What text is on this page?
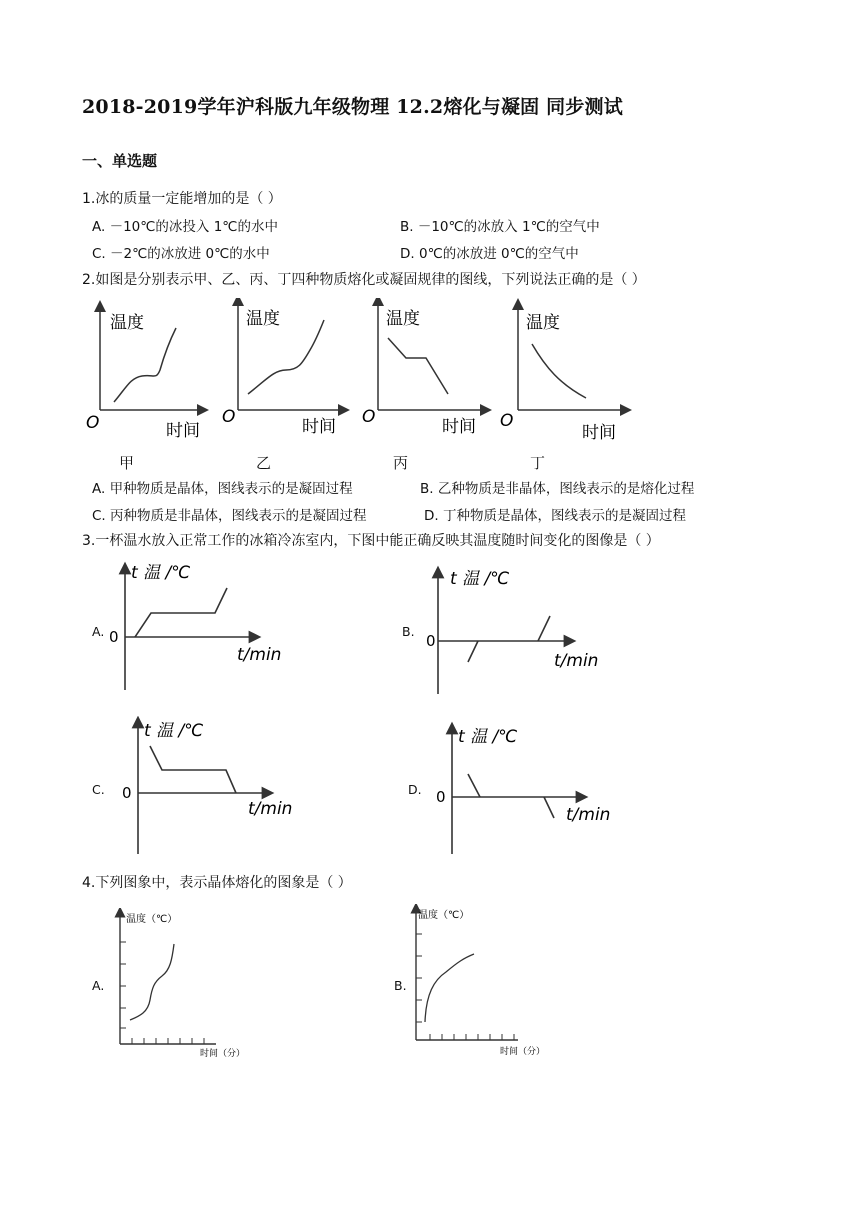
2018-2019学年沪科版九年级物理 12.2熔化与凝固 同步测试
一、单选题
1.冰的质量一定能增加的是（ ）
A. －10℃的冰投入 1℃的水中	B. －10℃的冰放入 1℃的空气中
C. －2℃的冰放进 0℃的水中	D. 0℃的冰放进 0℃的空气中
2.如图是分别表示甲、乙、丙、丁四种物质熔化或凝固规律的图线，下列说法正确的是（ ）
温度
时间
O
温度
时间
O
温度
时间
O
温度
时间
O
甲	乙	丙	丁
A. 甲种物质是晶体，图线表示的是凝固过程	B. 乙种物质是非晶体，图线表示的是熔化过程
C. 丙种物质是非晶体，图线表示的是凝固过程	D. 丁种物质是晶体，图线表示的是凝固过程
3.一杯温水放入正常工作的冰箱冷冻室内，下图中能正确反映其温度随时间变化的图像是（ ）
A.
t 温 /℃
t/min
0	B.
t 温 /℃
t/min
0
C.
t 温 /℃
t/min
0	D.
t 温 /℃
t/min
0
4.下列图象中，表示晶体熔化的图象是（ ）
A.
温度（℃）
时间（分）
B.
温度（℃）
时间（分）
